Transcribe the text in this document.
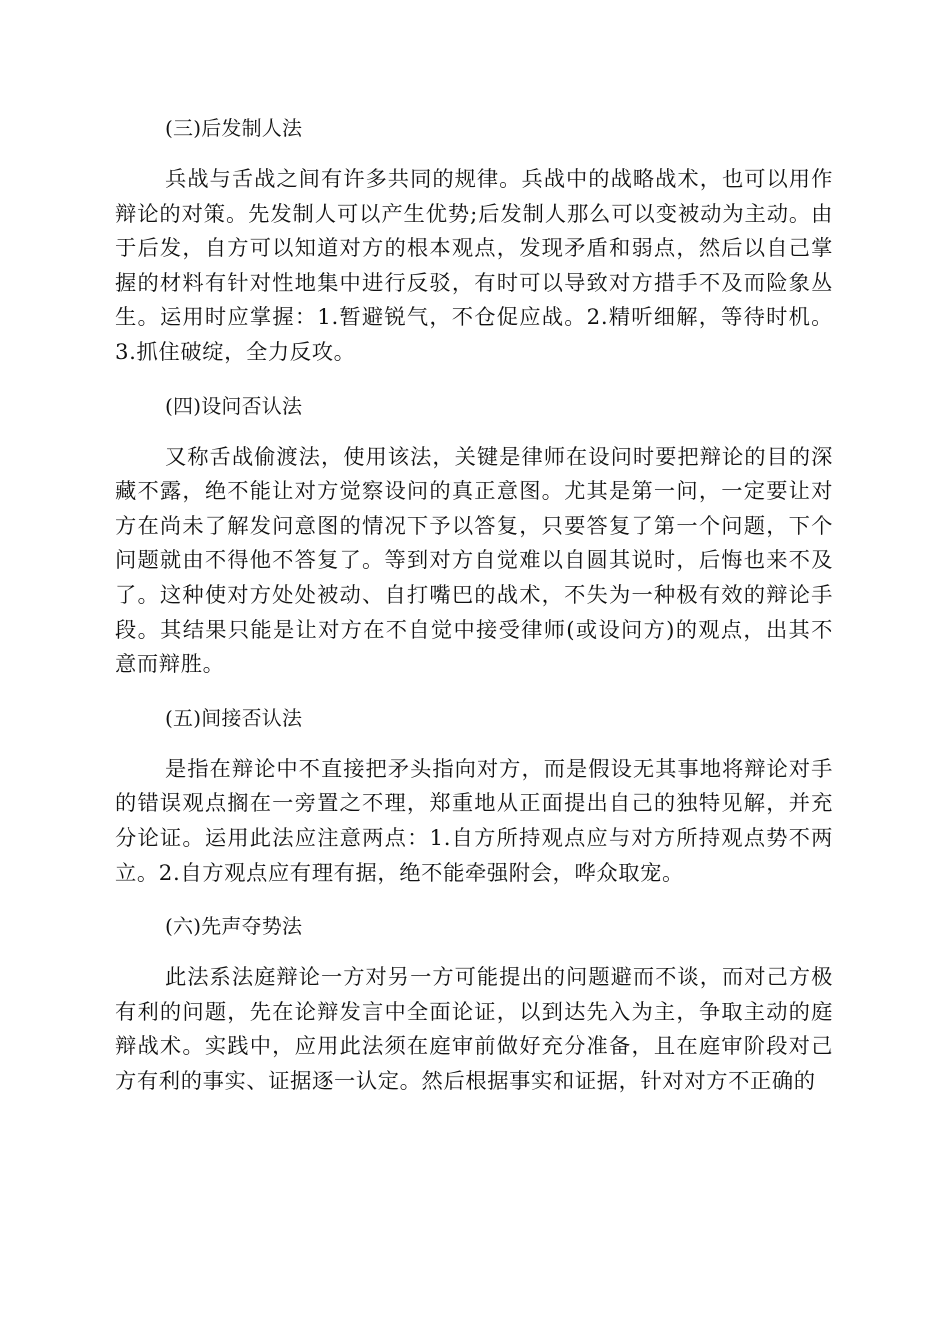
(三)后发制人法

兵战与舌战之间有许多共同的规律。兵战中的战略战术，也可以用作辩论的对策。先发制人可以产生优势;后发制人那么可以变被动为主动。由于后发，自方可以知道对方的根本观点，发现矛盾和弱点，然后以自己掌握的材料有针对性地集中进行反驳，有时可以导致对方措手不及而险象丛生。运用时应掌握：1.暂避锐气，不仓促应战。2.精听细解，等待时机。3.抓住破绽，全力反攻。

(四)设问否认法

又称舌战偷渡法，使用该法，关键是律师在设问时要把辩论的目的深藏不露，绝不能让对方觉察设问的真正意图。尤其是第一问，一定要让对方在尚未了解发问意图的情况下予以答复，只要答复了第一个问题，下个问题就由不得他不答复了。等到对方自觉难以自圆其说时，后悔也来不及了。这种使对方处处被动、自打嘴巴的战术，不失为一种极有效的辩论手段。其结果只能是让对方在不自觉中接受律师(或设问方)的观点，出其不意而辩胜。

(五)间接否认法

是指在辩论中不直接把矛头指向对方，而是假设无其事地将辩论对手的错误观点搁在一旁置之不理，郑重地从正面提出自己的独特见解，并充分论证。运用此法应注意两点：1.自方所持观点应与对方所持观点势不两立。2.自方观点应有理有据，绝不能牵强附会，哗众取宠。

(六)先声夺势法

此法系法庭辩论一方对另一方可能提出的问题避而不谈，而对己方极有利的问题，先在论辩发言中全面论证，以到达先入为主，争取主动的庭辩战术。实践中，应用此法须在庭审前做好充分准备，且在庭审阶段对己方有利的事实、证据逐一认定。然后根据事实和证据，针对对方不正确的
